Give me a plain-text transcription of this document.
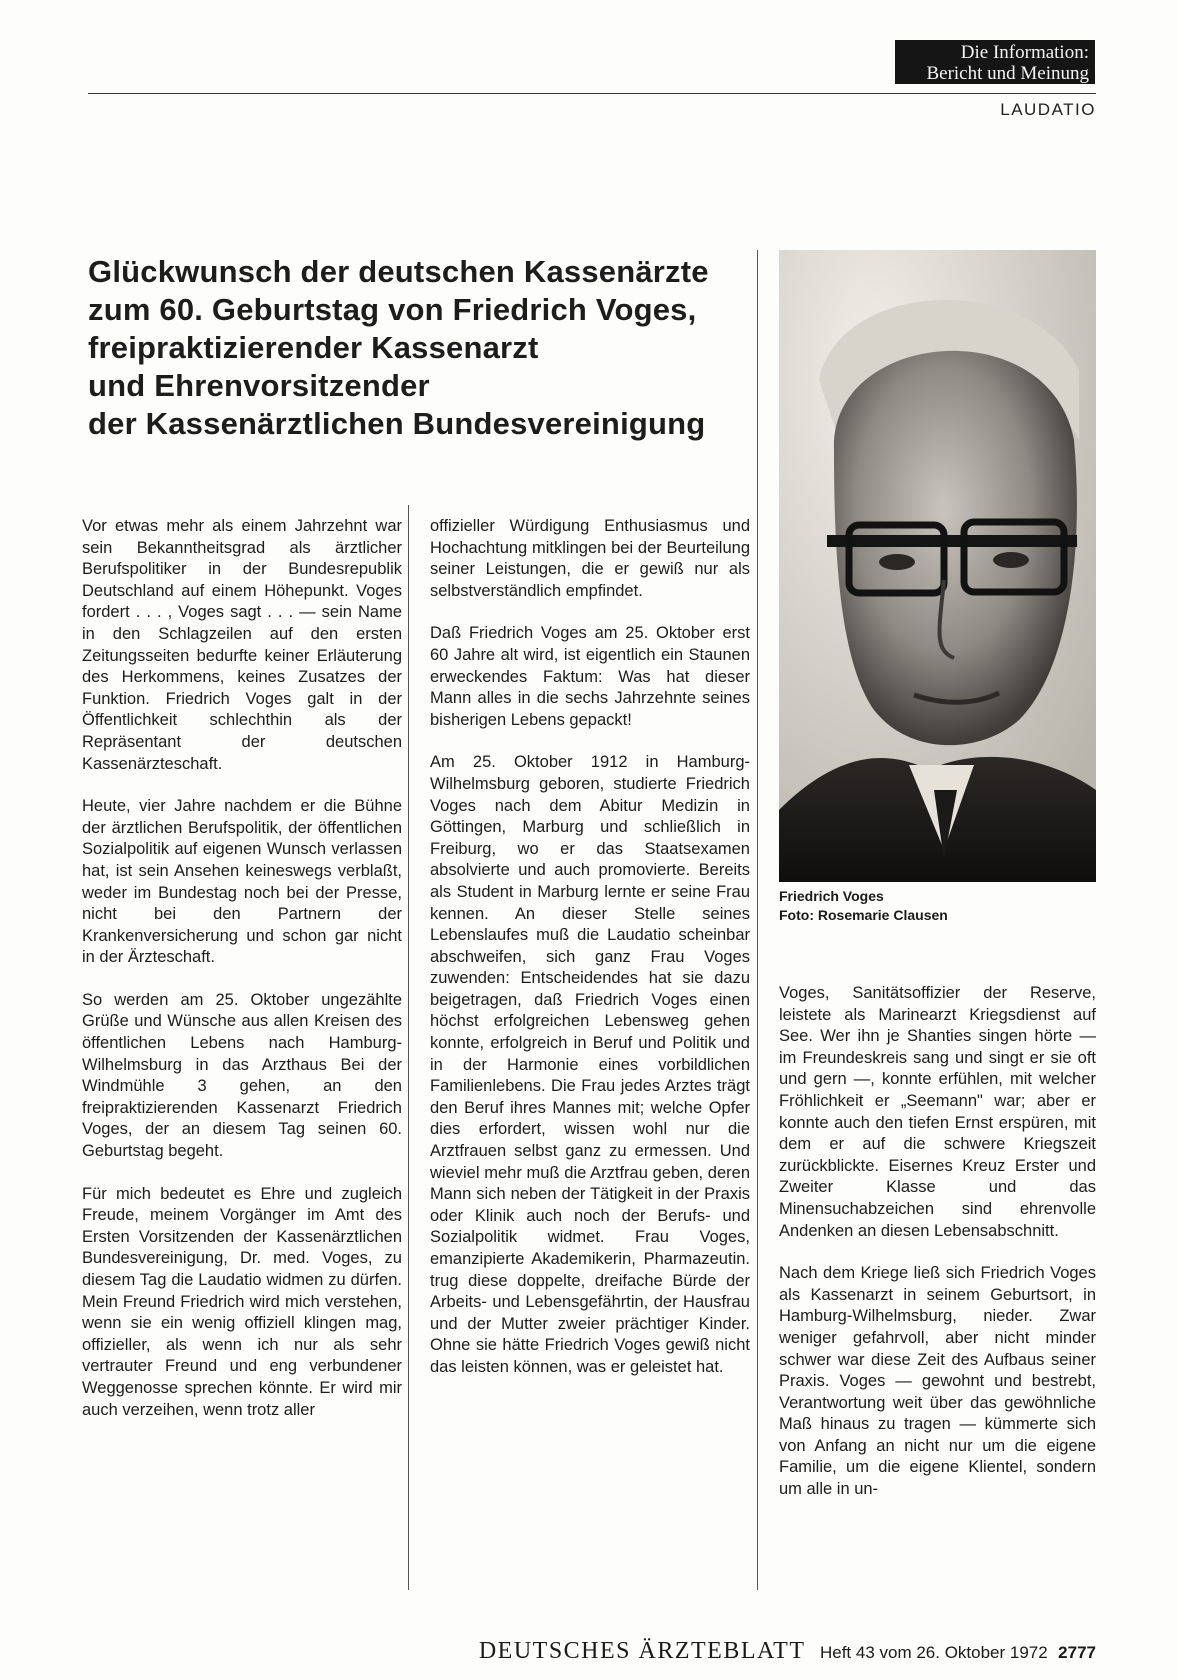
Die Information:
Bericht und Meinung
LAUDATIO
Glückwunsch der deutschen Kassenärzte
zum 60. Geburtstag von Friedrich Voges,
freipraktizierender Kassenarzt
und Ehrenvorsitzender
der Kassenärztlichen Bundesvereinigung
Friedrich Voges
Foto: Rosemarie Clausen

Vor etwas mehr als einem Jahrzehnt war sein Bekanntheitsgrad als ärztlicher Berufspolitiker in der Bundesrepublik Deutschland auf einem Höhepunkt. Voges fordert . . . , Voges sagt . . . — sein Name in den Schlagzeilen auf den ersten Zeitungsseiten bedurfte keiner Erläuterung des Herkommens, keines Zusatzes der Funktion. Friedrich Voges galt in der Öffentlichkeit schlechthin als der Repräsentant der deutschen Kassenärzteschaft.

Heute, vier Jahre nachdem er die Bühne der ärztlichen Berufspolitik, der öffentlichen Sozialpolitik auf eigenen Wunsch verlassen hat, ist sein Ansehen keineswegs verblaßt, weder im Bundestag noch bei der Presse, nicht bei den Partnern der Krankenversicherung und schon gar nicht in der Ärzteschaft.

So werden am 25. Oktober ungezählte Grüße und Wünsche aus allen Kreisen des öffentlichen Lebens nach Hamburg-Wilhelmsburg in das Arzthaus Bei der Windmühle 3 gehen, an den freipraktizierenden Kassenarzt Friedrich Voges, der an diesem Tag seinen 60. Geburtstag begeht.

Für mich bedeutet es Ehre und zugleich Freude, meinem Vorgänger im Amt des Ersten Vorsitzenden der Kassenärztlichen Bundesvereinigung, Dr. med. Voges, zu diesem Tag die Laudatio widmen zu dürfen. Mein Freund Friedrich wird mich verstehen, wenn sie ein wenig offiziell klingen mag, offizieller, als wenn ich nur als sehr vertrauter Freund und eng verbundener Weggenosse sprechen könnte. Er wird mir auch verzeihen, wenn trotz aller

offizieller Würdigung Enthusiasmus und Hochachtung mitklingen bei der Beurteilung seiner Leistungen, die er gewiß nur als selbstverständlich empfindet.

Daß Friedrich Voges am 25. Oktober erst 60 Jahre alt wird, ist eigentlich ein Staunen erweckendes Faktum: Was hat dieser Mann alles in die sechs Jahrzehnte seines bisherigen Lebens gepackt!

Am 25. Oktober 1912 in Hamburg-Wilhelmsburg geboren, studierte Friedrich Voges nach dem Abitur Medizin in Göttingen, Marburg und schließlich in Freiburg, wo er das Staatsexamen absolvierte und auch promovierte. Bereits als Student in Marburg lernte er seine Frau kennen. An dieser Stelle seines Lebenslaufes muß die Laudatio scheinbar abschweifen, sich ganz Frau Voges zuwenden: Entscheidendes hat sie dazu beigetragen, daß Friedrich Voges einen höchst erfolgreichen Lebensweg gehen konnte, erfolgreich in Beruf und Politik und in der Harmonie eines vorbildlichen Familienlebens. Die Frau jedes Arztes trägt den Beruf ihres Mannes mit; welche Opfer dies erfordert, wissen wohl nur die Arztfrauen selbst ganz zu ermessen. Und wieviel mehr muß die Arztfrau geben, deren Mann sich neben der Tätigkeit in der Praxis oder Klinik auch noch der Berufs- und Sozialpolitik widmet. Frau Voges, emanzipierte Akademikerin, Pharmazeutin. trug diese doppelte, dreifache Bürde der Arbeits- und Lebensgefährtin, der Hausfrau und der Mutter zweier prächtiger Kinder. Ohne sie hätte Friedrich Voges gewiß nicht das leisten können, was er geleistet hat.

Voges, Sanitätsoffizier der Reserve, leistete als Marinearzt Kriegsdienst auf See. Wer ihn je Shanties singen hörte — im Freundeskreis sang und singt er sie oft und gern —, konnte erfühlen, mit welcher Fröhlichkeit er „Seemann" war; aber er konnte auch den tiefen Ernst erspüren, mit dem er auf die schwere Kriegszeit zurückblickte. Eisernes Kreuz Erster und Zweiter Klasse und das Minensuchabzeichen sind ehrenvolle Andenken an diesen Lebensabschnitt.

Nach dem Kriege ließ sich Friedrich Voges als Kassenarzt in seinem Geburtsort, in Hamburg-Wilhelmsburg, nieder. Zwar weniger gefahrvoll, aber nicht minder schwer war diese Zeit des Aufbaus seiner Praxis. Voges — gewohnt und bestrebt, Verantwortung weit über das gewöhnliche Maß hinaus zu tragen — kümmerte sich von Anfang an nicht nur um die eigene Familie, um die eigene Klientel, sondern um alle in un-

DEUTSCHES ÄRZTEBLATT Heft 43 vom 26. Oktober 1972 2777
